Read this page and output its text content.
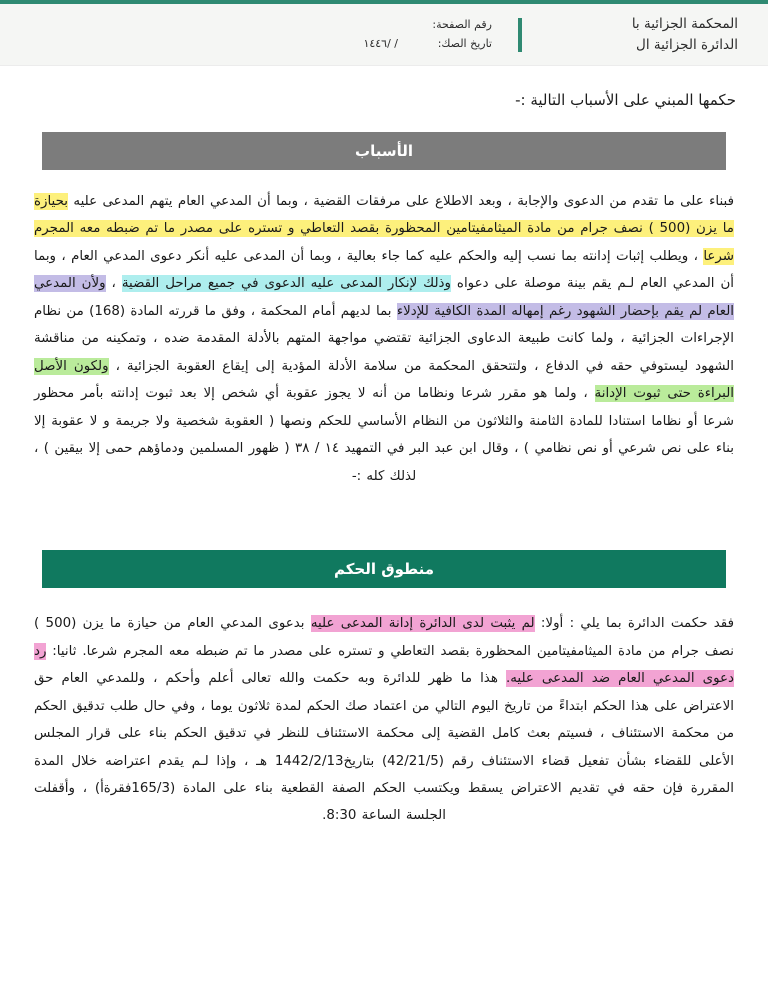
المحكمة الجزائية با
الدائرة الجزائية ال
رقم الصفحة:
تاريخ الصك:
/ /١٤٤٦
حكمها المبني على الأسباب التالية :-
الأسباب
فبناء على ما تقدم من الدعوى والإجابة ، وبعد الاطلاع على مرفقات القضية ، وبما أن المدعي العام يتهم المدعى عليه بحيازة ما يزن (500 ) نصف جرام من مادة الميثامفيتامين المحظورة بقصد التعاطي و تستره على مصدر ما تم ضبطه معه المجرم شرعا ، ويطلب إثبات إدانته بما نسب إليه والحكم عليه كما جاء بعالية ، وبما أن المدعى عليه أنكر دعوى المدعي العام ، وبما أن المدعي العام لـم يقم بينة موصلة على دعواه وذلك لإنكار المدعى عليه الدعوى في جميع مراحل القضية ، ولأن المدعي العام لم يقم بإحضار الشهود رغم إمهاله المدة الكافية للإدلاء بما لديهم أمام المحكمة ، وفق ما قررته المادة (168) من نظام الإجراءات الجزائية ، ولما كانت طبيعة الدعاوى الجزائية تقتضي مواجهة المتهم بالأدلة المقدمة ضده ، وتمكينه من مناقشة الشهود ليستوفي حقه في الدفاع ، ولتتحقق المحكمة من سلامة الأدلة المؤدية إلى إيقاع العقوبة الجزائية ، ولكون الأصل البراءة حتى ثبوت الإدانة ، ولما هو مقرر شرعا ونظاما من أنه لا يجوز عقوبة أي شخص إلا بعد ثبوت إدانته بأمر محظور شرعا أو نظاما استنادا للمادة الثامنة والثلاثون من النظام الأساسي للحكم ونصها ( العقوبة شخصية ولا جريمة و لا عقوبة إلا بناء على نص شرعي أو نص نظامي ) ، وقال ابن عبد البر في التمهيد ١٤ / ٣٨ ( ظهور المسلمين ودماؤهم حمى إلا بيقين ) ، لذلك كله :-
منطوق الحكم
فقد حكمت الدائرة بما يلي : أولا: لم يثبت لدى الدائرة إدانة المدعى عليه بدعوى المدعي العام من حيازة ما يزن (500 ) نصف جرام من مادة الميثامفيتامين المحظورة بقصد التعاطي و تستره على مصدر ما تم ضبطه معه المجرم شرعا. ثانيا: رد دعوى المدعي العام ضد المدعى عليه. هذا ما ظهر للدائرة وبه حكمت والله تعالى أعلم وأحكم ، وللمدعي العام حق الاعتراض على هذا الحكم ابتداءً من تاريخ اليوم التالي من اعتماد صك الحكم لمدة ثلاثون يوما ، وفي حال طلب تدقيق الحكم من محكمة الاستئناف ، فسيتم بعث كامل القضية إلى محكمة الاستئناف للنظر في تدقيق الحكم بناء على قرار المجلس الأعلى للقضاء بشأن تفعيل قضاء الاستئناف رقم (42/21/5) بتاريخ1442/2/13 هـ ، وإذا لـم يقدم اعتراضه خلال المدة المقررة فإن حقه في تقديم الاعتراض يسقط ويكتسب الحكم الصفة القطعية بناء على المادة (165/3فقرةأ) ، وأقفلت الجلسة الساعة 8:30.
